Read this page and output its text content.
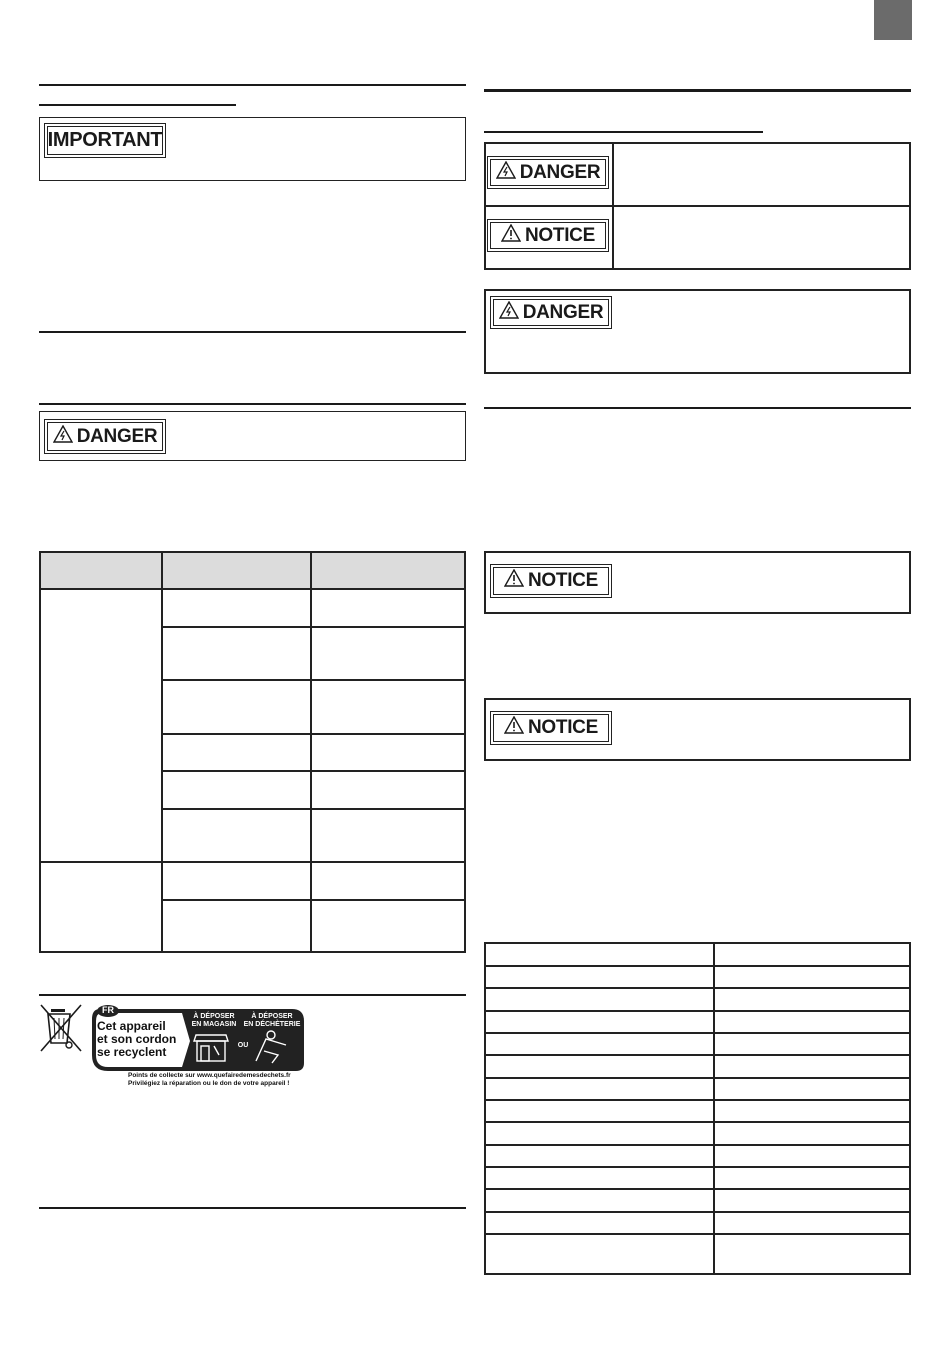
IMPORTANT
DANGER
FR
À DÉPOSER
EN MAGASIN
OU
À DÉPOSER
EN DÉCHÈTERIE
Cet appareil
et son cordon
se recyclent
Points de collecte sur www.quefairedemesdechets.fr
Privilégiez la réparation ou le don de votre appareil !
DANGER
NOTICE
DANGER
NOTICE
NOTICE
